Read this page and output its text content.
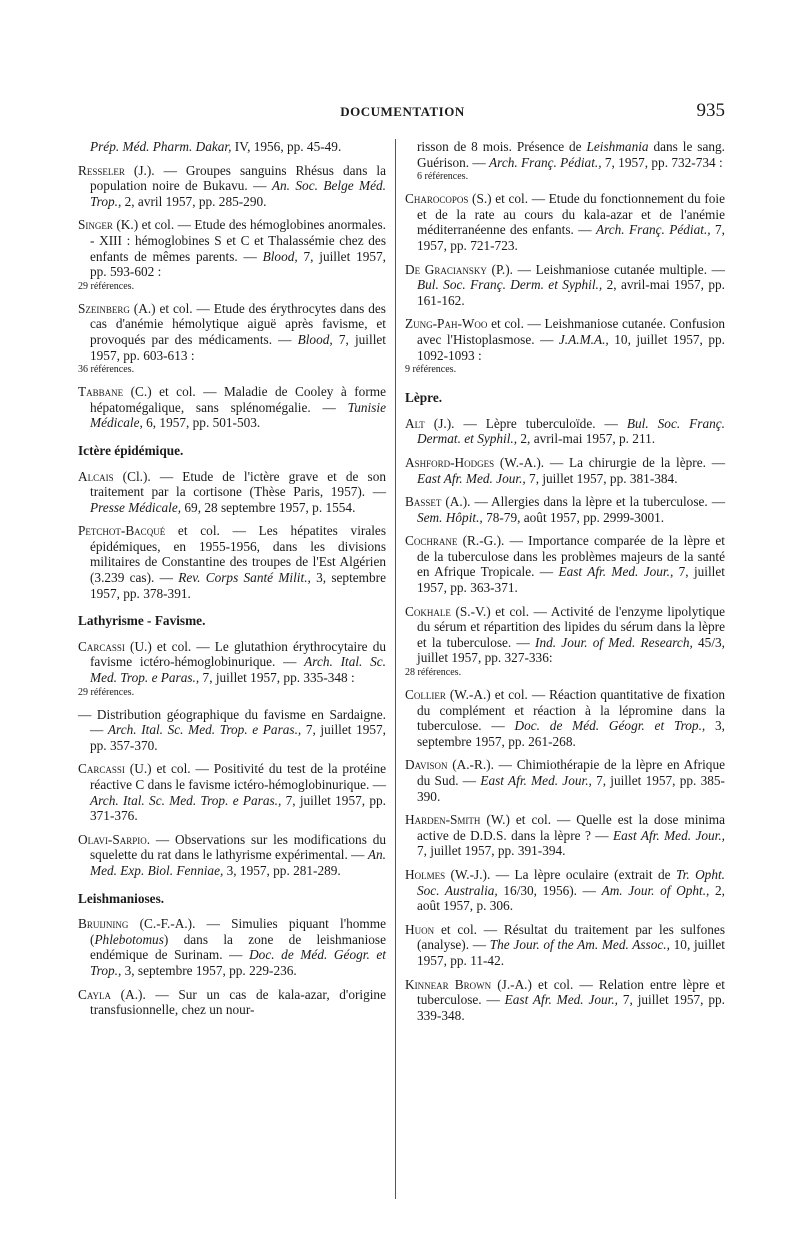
DOCUMENTATION	935

Prép. Méd. Pharm. Dakar, IV, 1956, pp. 45-49.

Resseler (J.). — Groupes sanguins Rhésus dans la population noire de Bukavu. — An. Soc. Belge Méd. Trop., 2, avril 1957, pp. 285-290.

Singer (K.) et col. — Etude des hémoglobines anormales. - XIII : hémoglobines S et C et Thalassémie chez des enfants de mêmes parents. — Blood, 7, juillet 1957, pp. 593-602 :
29 références.

Szeinberg (A.) et col. — Etude des érythrocytes dans des cas d'anémie hémolytique aiguë après favisme, et provoqués par des médicaments. — Blood, 7, juillet 1957, pp. 603-613 :
36 références.

Tabbane (C.) et col. — Maladie de Cooley à forme hépatomégalique, sans splénomégalie. — Tunisie Médicale, 6, 1957, pp. 501-503.

Ictère épidémique.

Alcais (Cl.). — Etude de l'ictère grave et de son traitement par la cortisone (Thèse Paris, 1957). — Presse Médicale, 69, 28 septembre 1957, p. 1554.

Petchot-Bacqué et col. — Les hépatites virales épidémiques, en 1955-1956, dans les divisions militaires de Constantine des troupes de l'Est Algérien (3.239 cas). — Rev. Corps Santé Milit., 3, septembre 1957, pp. 378-391.

Lathyrisme - Favisme.

Carcassi (U.) et col. — Le glutathion érythrocytaire du favisme ictéro-hémoglobinurique. — Arch. Ital. Sc. Med. Trop. e Paras., 7, juillet 1957, pp. 335-348 :
29 références.

— Distribution géographique du favisme en Sardaigne. — Arch. Ital. Sc. Med. Trop. e Paras., 7, juillet 1957, pp. 357-370.

Carcassi (U.) et col. — Positivité du test de la protéine réactive C dans le favisme ictéro-hémoglobinurique. — Arch. Ital. Sc. Med. Trop. e Paras., 7, juillet 1957, pp. 371-376.

Olavi-Sarpio. — Observations sur les modifications du squelette du rat dans le lathyrisme expérimental. — An. Med. Exp. Biol. Fenniae, 3, 1957, pp. 281-289.

Leishmanioses.

Bruijning (C.-F.-A.). — Simulies piquant l'homme (Phlebotomus) dans la zone de leishmaniose endémique de Surinam. — Doc. de Méd. Géogr. et Trop., 3, septembre 1957, pp. 229-236.

Cayla (A.). — Sur un cas de kala-azar, d'origine transfusionnelle, chez un nour-

risson de 8 mois. Présence de Leishmania dans le sang. Guérison. — Arch. Franç. Pédiat., 7, 1957, pp. 732-734 :
6 références.

Charocopos (S.) et col. — Etude du fonctionnement du foie et de la rate au cours du kala-azar et de l'anémie méditerranéenne des enfants. — Arch. Franç. Pédiat., 7, 1957, pp. 721-723.

De Graciansky (P.). — Leishmaniose cutanée multiple. — Bul. Soc. Franç. Derm. et Syphil., 2, avril-mai 1957, pp. 161-162.

Zung-Pah-Woo et col. — Leishmaniose cutanée. Confusion avec l'Histoplasmose. — J.A.M.A., 10, juillet 1957, pp. 1092-1093 :
9 références.

Lèpre.

Alt (J.). — Lèpre tuberculoïde. — Bul. Soc. Franç. Dermat. et Syphil., 2, avril-mai 1957, p. 211.

Ashford-Hodges (W.-A.). — La chirurgie de la lèpre. — East Afr. Med. Jour., 7, juillet 1957, pp. 381-384.

Basset (A.). — Allergies dans la lèpre et la tuberculose. — Sem. Hôpit., 78-79, août 1957, pp. 2999-3001.

Cochrane (R.-G.). — Importance comparée de la lèpre et de la tuberculose dans les problèmes majeurs de la santé en Afrique Tropicale. — East Afr. Med. Jour., 7, juillet 1957, pp. 363-371.

Cokhale (S.-V.) et col. — Activité de l'enzyme lipolytique du sérum et répartition des lipides du sérum dans la lèpre et la tuberculose. — Ind. Jour. of Med. Research, 45/3, juillet 1957, pp. 327-336:
28 références.

Collier (W.-A.) et col. — Réaction quantitative de fixation du complément et réaction à la lépromine dans la tuberculose. — Doc. de Méd. Géogr. et Trop., 3, septembre 1957, pp. 261-268.

Davison (A.-R.). — Chimiothérapie de la lèpre en Afrique du Sud. — East Afr. Med. Jour., 7, juillet 1957, pp. 385-390.

Harden-Smith (W.) et col. — Quelle est la dose minima active de D.D.S. dans la lèpre ? — East Afr. Med. Jour., 7, juillet 1957, pp. 391-394.

Holmes (W.-J.). — La lèpre oculaire (extrait de Tr. Opht. Soc. Australia, 16/30, 1956). — Am. Jour. of Opht., 2, août 1957, p. 306.

Huon et col. — Résultat du traitement par les sulfones (analyse). — The Jour. of the Am. Med. Assoc., 10, juillet 1957, pp. 11-42.

Kinnear Brown (J.-A.) et col. — Relation entre lèpre et tuberculose. — East Afr. Med. Jour., 7, juillet 1957, pp. 339-348.
